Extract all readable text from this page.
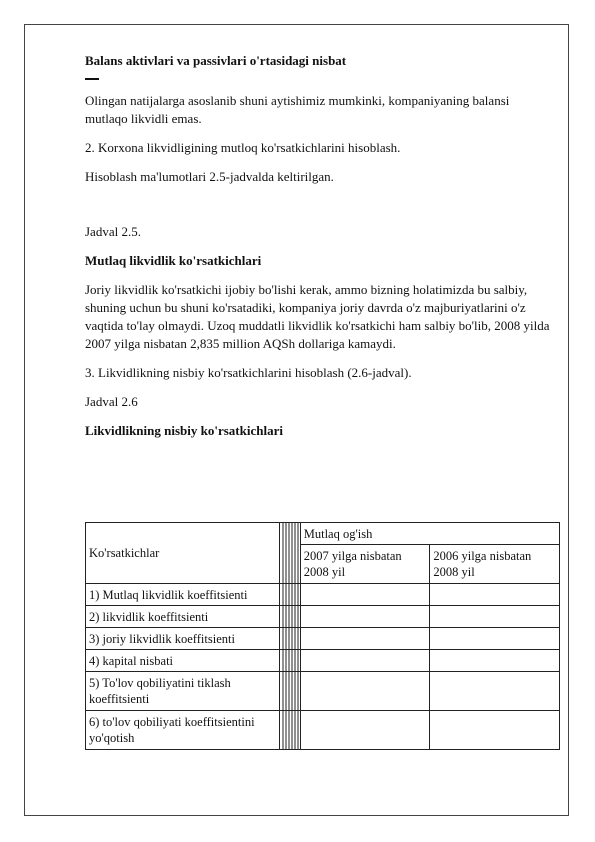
Balans aktivlari va passivlari o'rtasidagi nisbat

Olingan natijalarga asoslanib shuni aytishimiz mumkinki, kompaniyaning balansi mutlaqo likvidli emas.

2. Korxona likvidligining mutloq ko'rsatkichlarini hisoblash.

Hisoblash ma'lumotlari 2.5-jadvalda keltirilgan.

Jadval 2.5.

Mutlaq likvidlik ko'rsatkichlari

Joriy likvidlik ko'rsatkichi ijobiy bo'lishi kerak, ammo bizning holatimizda bu salbiy, shuning uchun bu shuni ko'rsatadiki, kompaniya joriy davrda o'z majburiyatlarini o'z vaqtida to'lay olmaydi. Uzoq muddatli likvidlik ko'rsatkichi ham salbiy bo'lib, 2008 yilda 2007 yilga nisbatan 2,835 million AQSh dollariga kamaydi.

3. Likvidlikning nisbiy ko'rsatkichlarini hisoblash (2.6-jadval).

Jadval 2.6

Likvidlikning nisbiy ko'rsatkichlari

Ko'rsatkichlar		Mutlaq og'ish	
		2007 yilga nisbatan 2008 yil	2006 yilga nisbatan 2008 yil
1) Mutlaq likvidlik koeffitsienti			
2) likvidlik koeffitsienti			
3) joriy likvidlik koeffitsienti			
4) kapital nisbati			
5) To'lov qobiliyatini tiklash koeffitsienti			
6) to'lov qobiliyati koeffitsientini yo'qotish			
